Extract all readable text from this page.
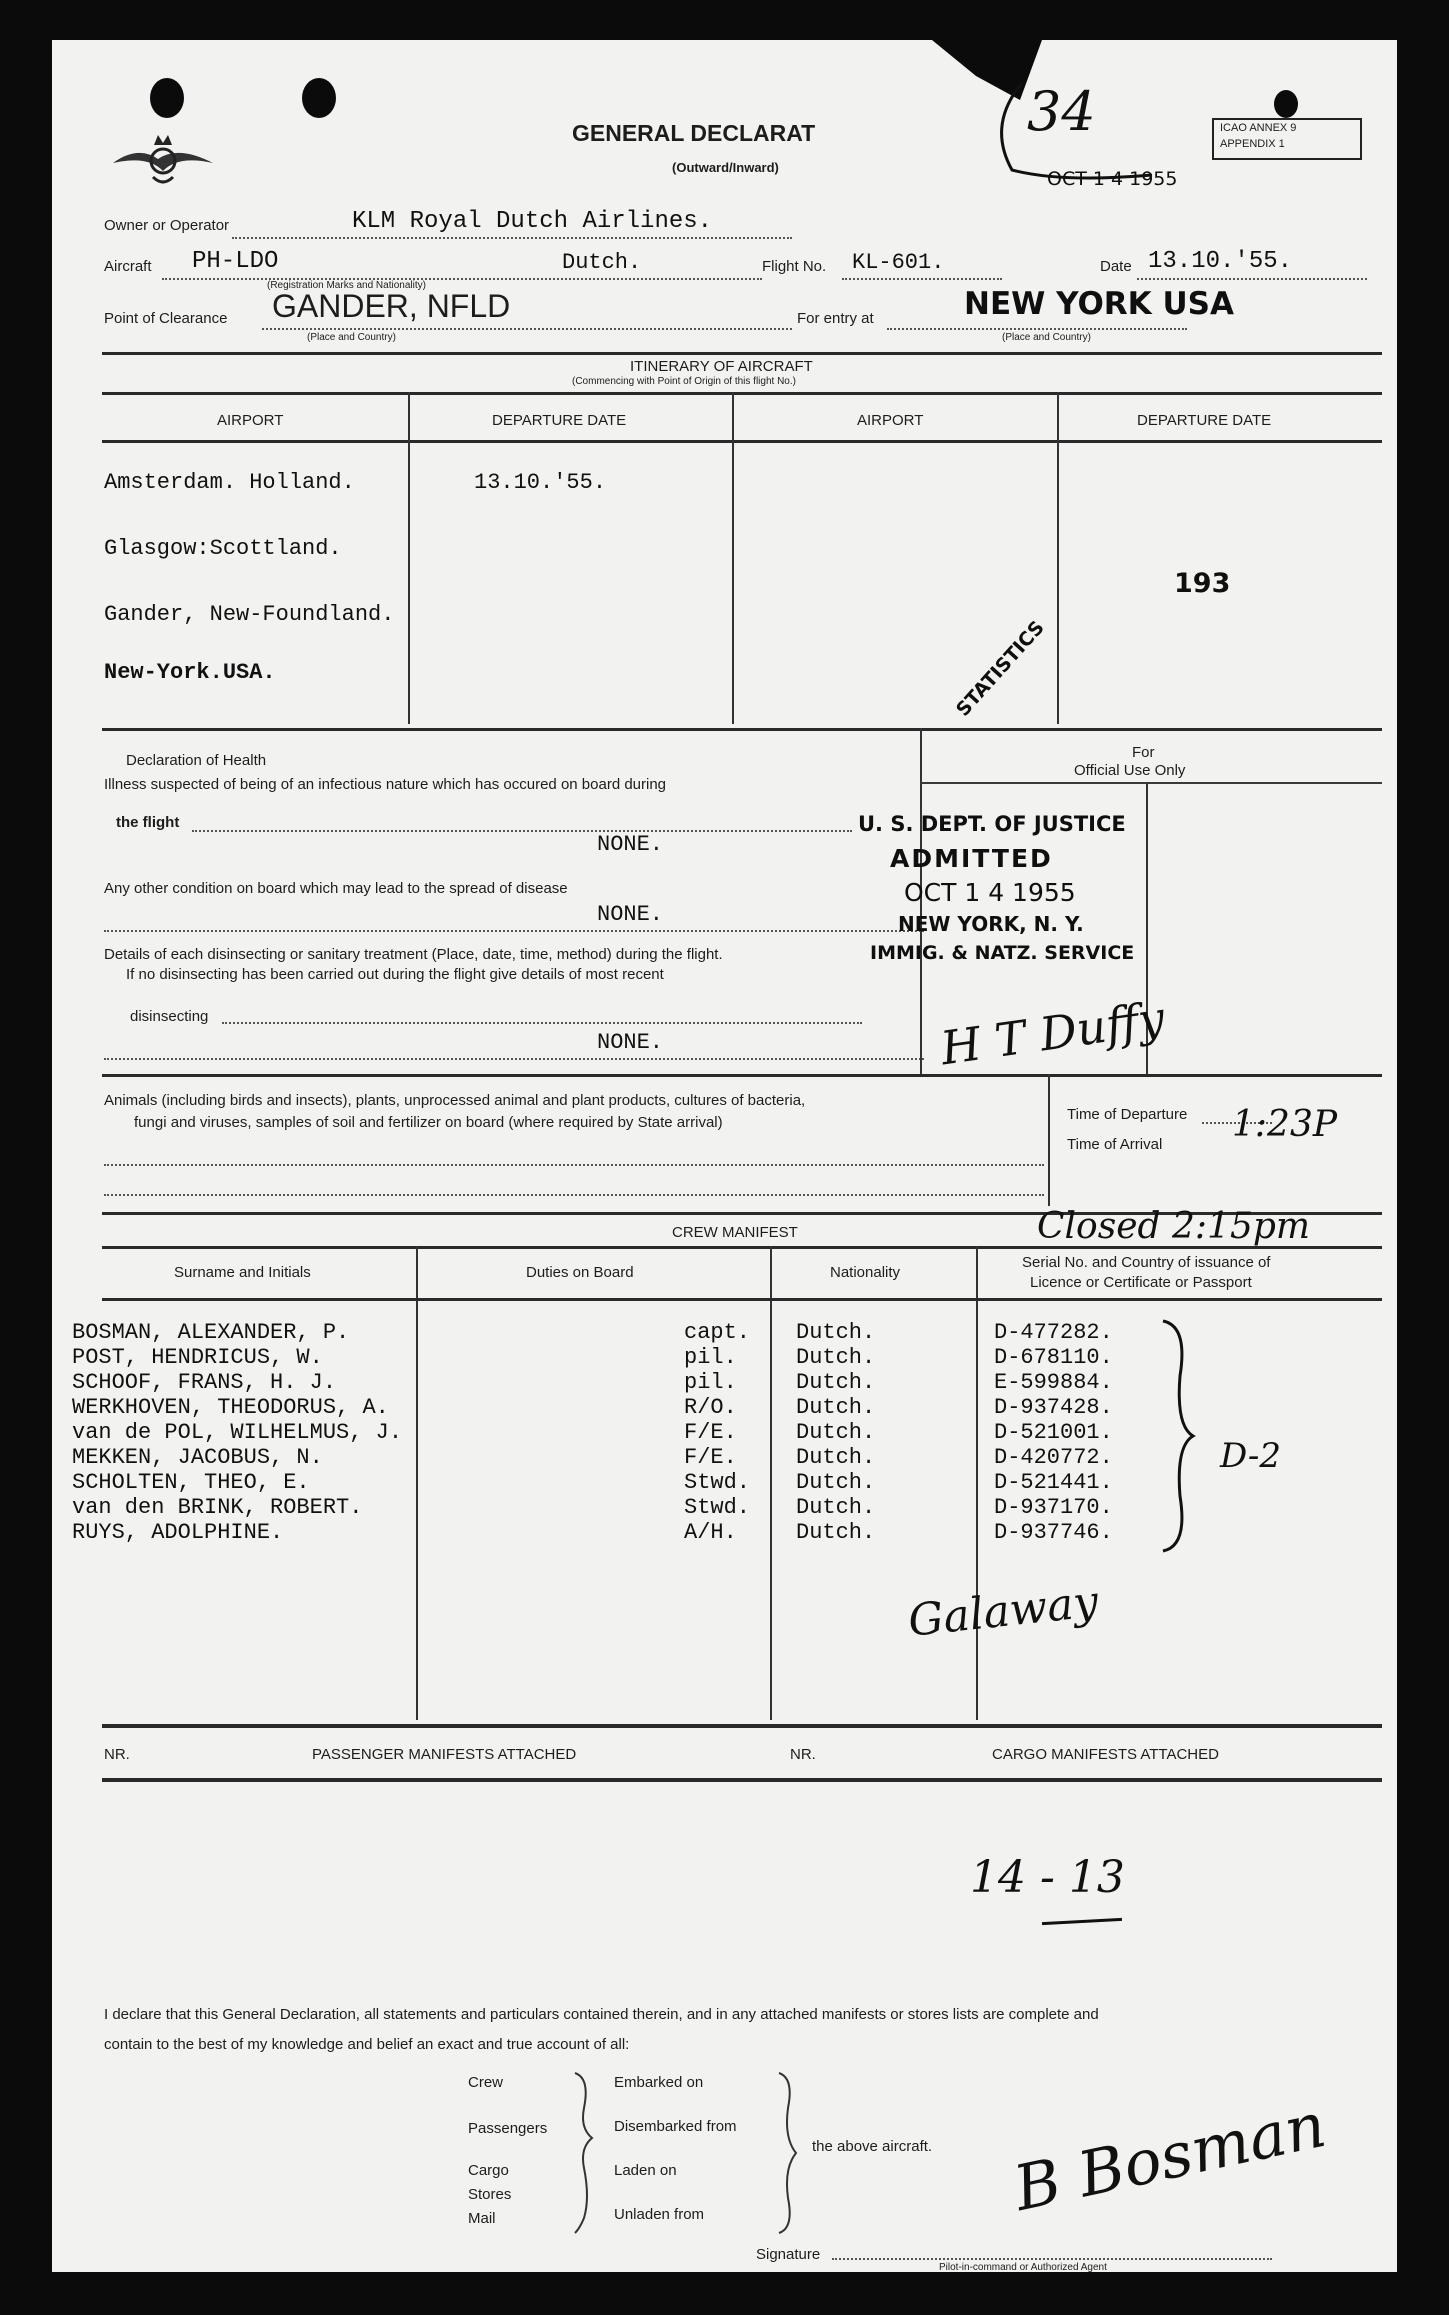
GENERAL DECLARAT
(Outward/Inward)
ICAO ANNEX 9
APPENDIX 1
34
OCT 1 4 1955
Owner or Operator	KLM Royal Dutch Airlines.
Aircraft PH-LDO	Dutch.
(Registration Marks and Nationality)
Flight No. KL-601.	Date 13.10.'55.
Point of Clearance GANDER, NFLD
(Place and Country)
For entry at	NEW YORK USA
(Place and Country)
ITINERARY OF AIRCRAFT
(Commencing with Point of Origin of this flight No.)
AIRPORT	DEPARTURE DATE	AIRPORT	DEPARTURE DATE
Amsterdam. Holland.	13.10.'55.
Glasgow:Scottland.
Gander, New-Foundland.
New-York.USA.
193
STATISTICS
Declaration of Health
Illness suspected of being of an infectious nature which has occured on board during
the flight
NONE.
Any other condition on board which may lead to the spread of disease
NONE.
Details of each disinsecting or sanitary treatment (Place, date, time, method) during the flight.
If no disinsecting has been carried out during the flight give details of most recent
disinsecting
NONE.
For
Official Use Only
U. S. DEPT. OF JUSTICE
ADMITTED
OCT 1 4 1955
NEW YORK, N. Y.
IMMIG. & NATZ. SERVICE
H T Duffy
Animals (including birds and insects), plants, unprocessed animal and plant products, cultures of bacteria,
fungi and viruses, samples of soil and fertilizer on board (where required by State arrival)	Time of Departure
Time of Arrival 1:23P
CREW MANIFEST	Closed 2:15pm
Surname and Initials	Duties on Board	Nationality
Serial No. and Country of issuance of
Licence or Certificate or Passport
BOSMAN, ALEXANDER, P.	capt. Dutch.	D-477282.
POST, HENDRICUS, W.	pil.	Dutch.	D-678110.
SCHOOF, FRANS, H. J.	pil.	Dutch.	E-599884.
WERKHOVEN, THEODORUS, A.	R/O.	Dutch.	D-937428.
van de POL, WILHELMUS, J.	F/E.	Dutch.	D-521001.
MEKKEN, JACOBUS, N.	F/E.	Dutch.	D-420772.
SCHOLTEN, THEO, E.	Stwd. Dutch.	D-521441.
van den BRINK, ROBERT.	Stwd. Dutch.	D-937170.
RUYS, ADOLPHINE.	A/H.	Dutch.	D-937746.
D-2
Galaway
NR.	PASSENGER MANIFESTS ATTACHED	NR.	CARGO MANIFESTS ATTACHED
14 - 13
I declare that this General Declaration, all statements and particulars contained therein, and in any attached manifests or stores lists are complete and
contain to the best of my knowledge and belief an exact and true account of all:
Crew
Passengers
Cargo
Stores
Mail
Embarked on
Disembarked from
Laden on
Unladen from
the above aircraft.
Signature
Pilot-in-command or Authorized Agent
B Bosman
